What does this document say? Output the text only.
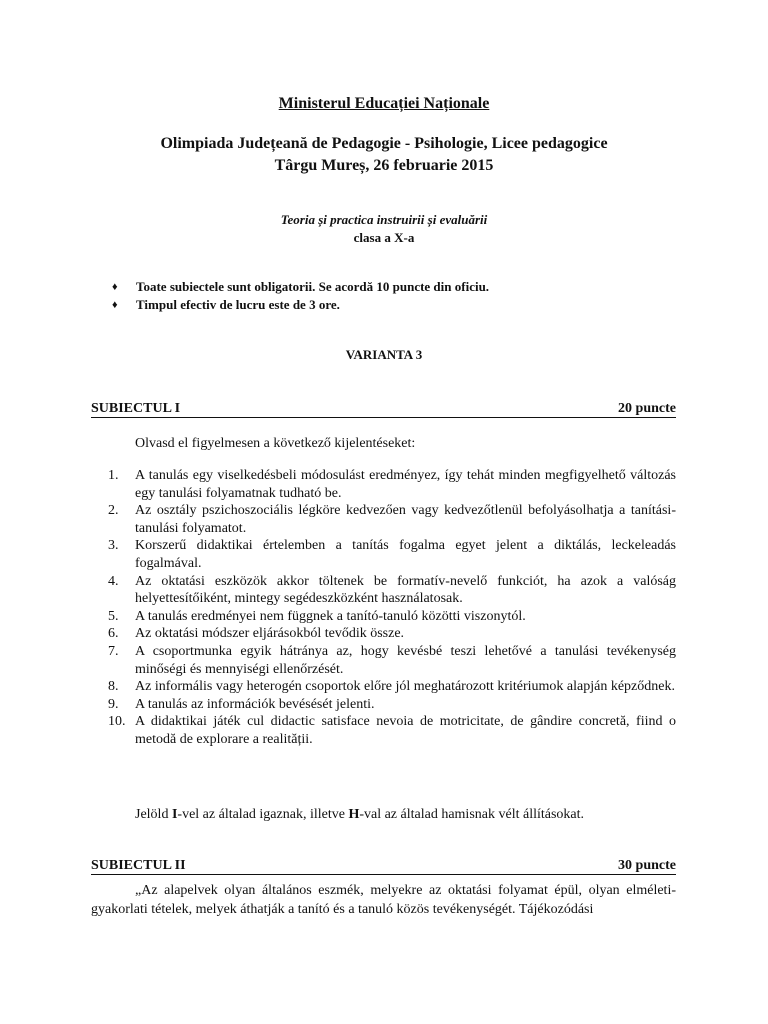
Ministerul Educației Naționale
Olimpiada Județeană de Pedagogie - Psihologie, Licee pedagogice
Târgu Mureș, 26 februarie 2015
Teoria și practica instruirii și evaluării
clasa a X-a
♦	Toate subiectele sunt obligatorii. Se acordă 10 puncte din oficiu.
♦	Timpul efectiv de lucru este de 3 ore.
VARIANTA 3
SUBIECTUL I	20 puncte
Olvasd el figyelmesen a következő kijelentéseket:
1.	A tanulás egy viselkedésbeli módosulást eredményez, így tehát minden megfigyelhető változás egy tanulási folyamatnak tudható be.
2.	Az osztály pszichoszociális légköre kedvezően vagy kedvezőtlenül befolyásolhatja a tanítási-tanulási folyamatot.
3.	Korszerű didaktikai értelemben a tanítás fogalma egyet jelent a diktálás, leckeleadás fogalmával.
4.	Az oktatási eszközök akkor töltenek be formatív-nevelő funkciót, ha azok a valóság helyettesítőiként, mintegy segédeszközként használatosak.
5.	A tanulás eredményei nem függnek a tanító-tanuló közötti viszonytól.
6.	Az oktatási módszer eljárásokból tevődik össze.
7.	A csoportmunka egyik hátránya az, hogy kevésbé teszi lehetővé a tanulási tevékenység minőségi és mennyiségi ellenőrzését.
8.	Az informális vagy heterogén csoportok előre jól meghatározott kritériumok alapján képződnek.
9.	A tanulás az információk bevésését jelenti.
10. A didaktikai játék cul didactic satisface nevoia de motricitate, de gândire concretă, fiind o metodă de explorare a realității.
Jelöld I-vel az általad igaznak, illetve H-val az általad hamisnak vélt állításokat.
SUBIECTUL II	30 puncte
„Az alapelvek olyan általános eszmék, melyekre az oktatási folyamat épül, olyan elméleti-gyakorlati tételek, melyek áthatják a tanító és a tanuló közös tevékenységét. Tájékozódási
